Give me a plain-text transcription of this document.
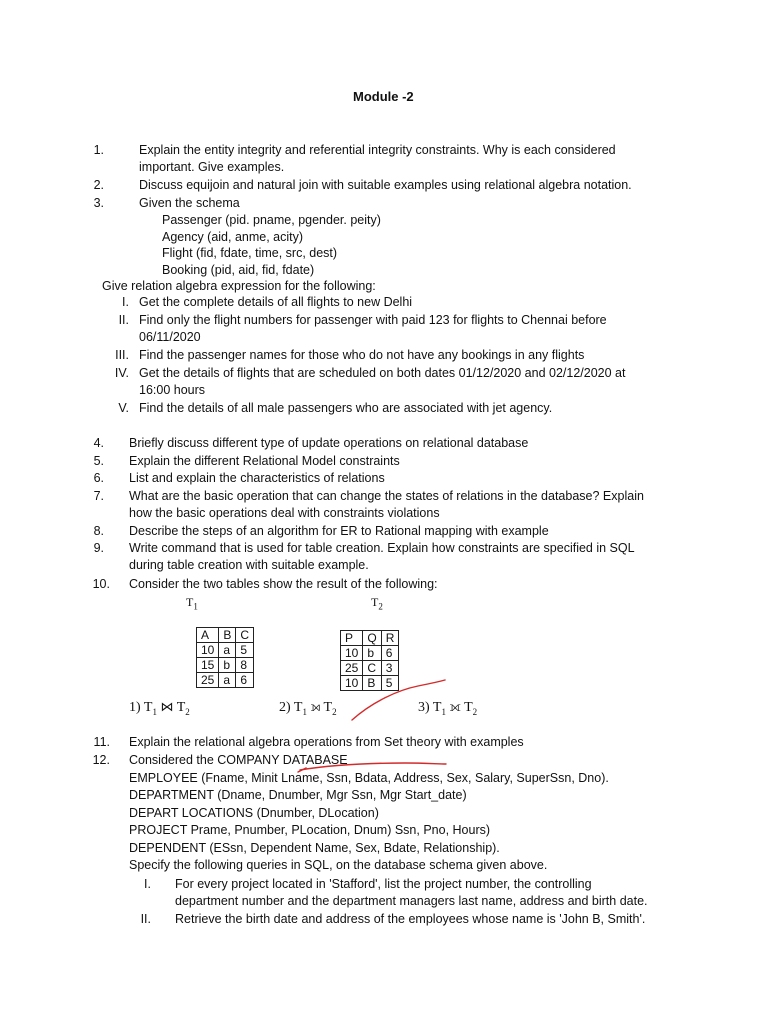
Module -2
1.	Explain the entity integrity and referential integrity constraints. Why is each considered
important. Give examples.
2.	Discuss equijoin and natural join with suitable examples using relational algebra notation.
3.	Given the schema
Passenger (pid. pname, pgender. peity)
Agency (aid, anme, acity)
Flight (fid, fdate, time, src, dest)
Booking (pid, aid, fid, fdate)
Give relation algebra expression for the following:
I. Get the complete details of all flights to new Delhi
II. Find only the flight numbers for passenger with paid 123 for flights to Chennai before
06/11/2020
III. Find the passenger names for those who do not have any bookings in any flights
IV. Get the details of flights that are scheduled on both dates 01/12/2020 and 02/12/2020 at
16:00 hours
V. Find the details of all male passengers who are associated with jet agency.
4. Briefly discuss different type of update operations on relational database
5. Explain the different Relational Model constraints
6. List and explain the characteristics of relations
7. What are the basic operation that can change the states of relations in the database? Explain
how the basic operations deal with constraints violations
8. Describe the steps of an algorithm for ER to Rational mapping with example
9. Write command that is used for table creation. Explain how constraints are specified in SQL
during table creation with suitable example.
10. Consider the two tables show the result of the following:
$T_1$	$T_2$
A	B	C
10	a	5
15	b	8
25	a	6
P	Q	R
10	b	6
25	C	3
10	B	5
1) $T_1$ ⋈ $T_2$	2) $T_1$ ⟕ $T_2$	3) $T_1$ ⟗ $T_2$
11. Explain the relational algebra operations from Set theory with examples
12. Considered the COMPANY DATABASE
EMPLOYEE (Fname, Minit Lname, Ssn, Bdata, Address, Sex, Salary, SuperSsn, Dno).
DEPARTMENT (Dname, Dnumber, Mgr Ssn, Mgr Start_date)
DEPART LOCATIONS (Dnumber, DLocation)
PROJECT Prame, Pnumber, PLocation, Dnum) Ssn, Pno, Hours)
DEPENDENT (ESsn, Dependent Name, Sex, Bdate, Relationship).
Specify the following queries in SQL, on the database schema given above.
I. For every project located in 'Stafford', list the project number, the controlling
department number and the department managers last name, address and birth date.
II. Retrieve the birth date and address of the employees whose name is 'John B, Smith'.
